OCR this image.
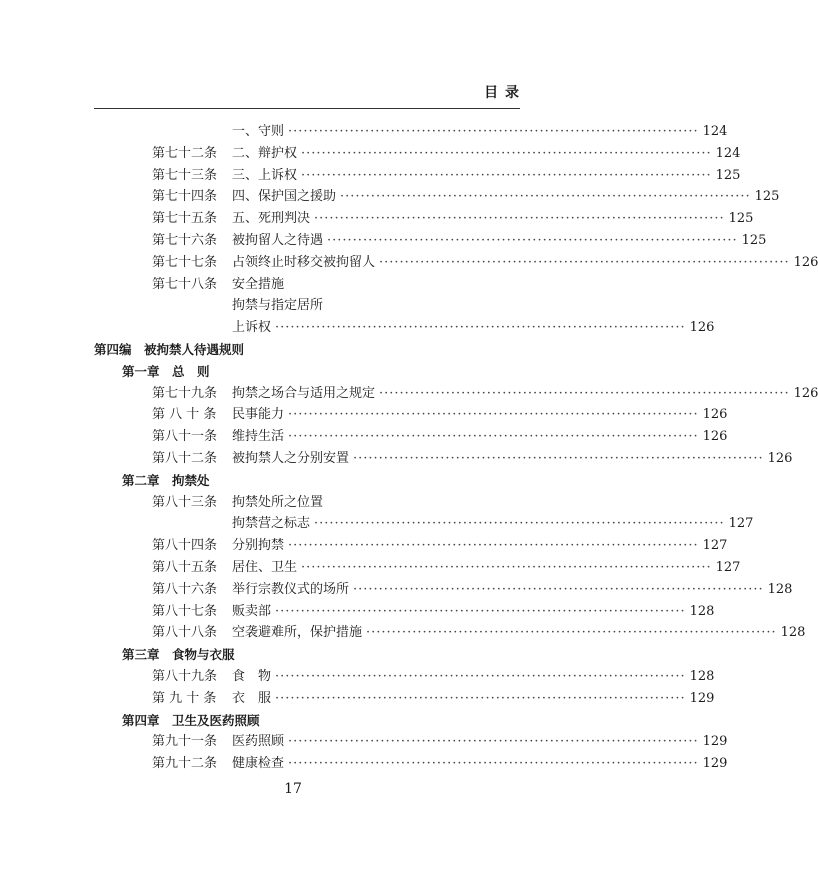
目 录
一、守则 ················································································ 124
第七十二条 二、辩护权 ················································································ 124
第七十三条 三、上诉权 ················································································ 125
第七十四条 四、保护国之援助 ················································································ 125
第七十五条 五、死刑判决 ················································································ 125
第七十六条 被拘留人之待遇 ················································································ 125
第七十七条 占领终止时移交被拘留人 ················································································ 126
第七十八条 安全措施
拘禁与指定居所
上诉权 ················································································ 126
第四编　被拘禁人待遇规则
第一章　总　则
第七十九条 拘禁之场合与适用之规定 ················································································ 126
第 八 十 条 民事能力 ················································································ 126
第八十一条 维持生活 ················································································ 126
第八十二条 被拘禁人之分别安置 ················································································ 126
第二章　拘禁处
第八十三条 拘禁处所之位置
拘禁营之标志 ················································································ 127
第八十四条 分别拘禁 ················································································ 127
第八十五条 居住、卫生 ················································································ 127
第八十六条 举行宗教仪式的场所 ················································································ 128
第八十七条 贩卖部 ················································································ 128
第八十八条 空袭避难所，保护措施 ················································································ 128
第三章　食物与衣服
第八十九条 食　物 ················································································ 128
第 九 十 条 衣　服 ················································································ 129
第四章　卫生及医药照顾
第九十一条 医药照顾 ················································································ 129
第九十二条 健康检查 ················································································ 129
17
